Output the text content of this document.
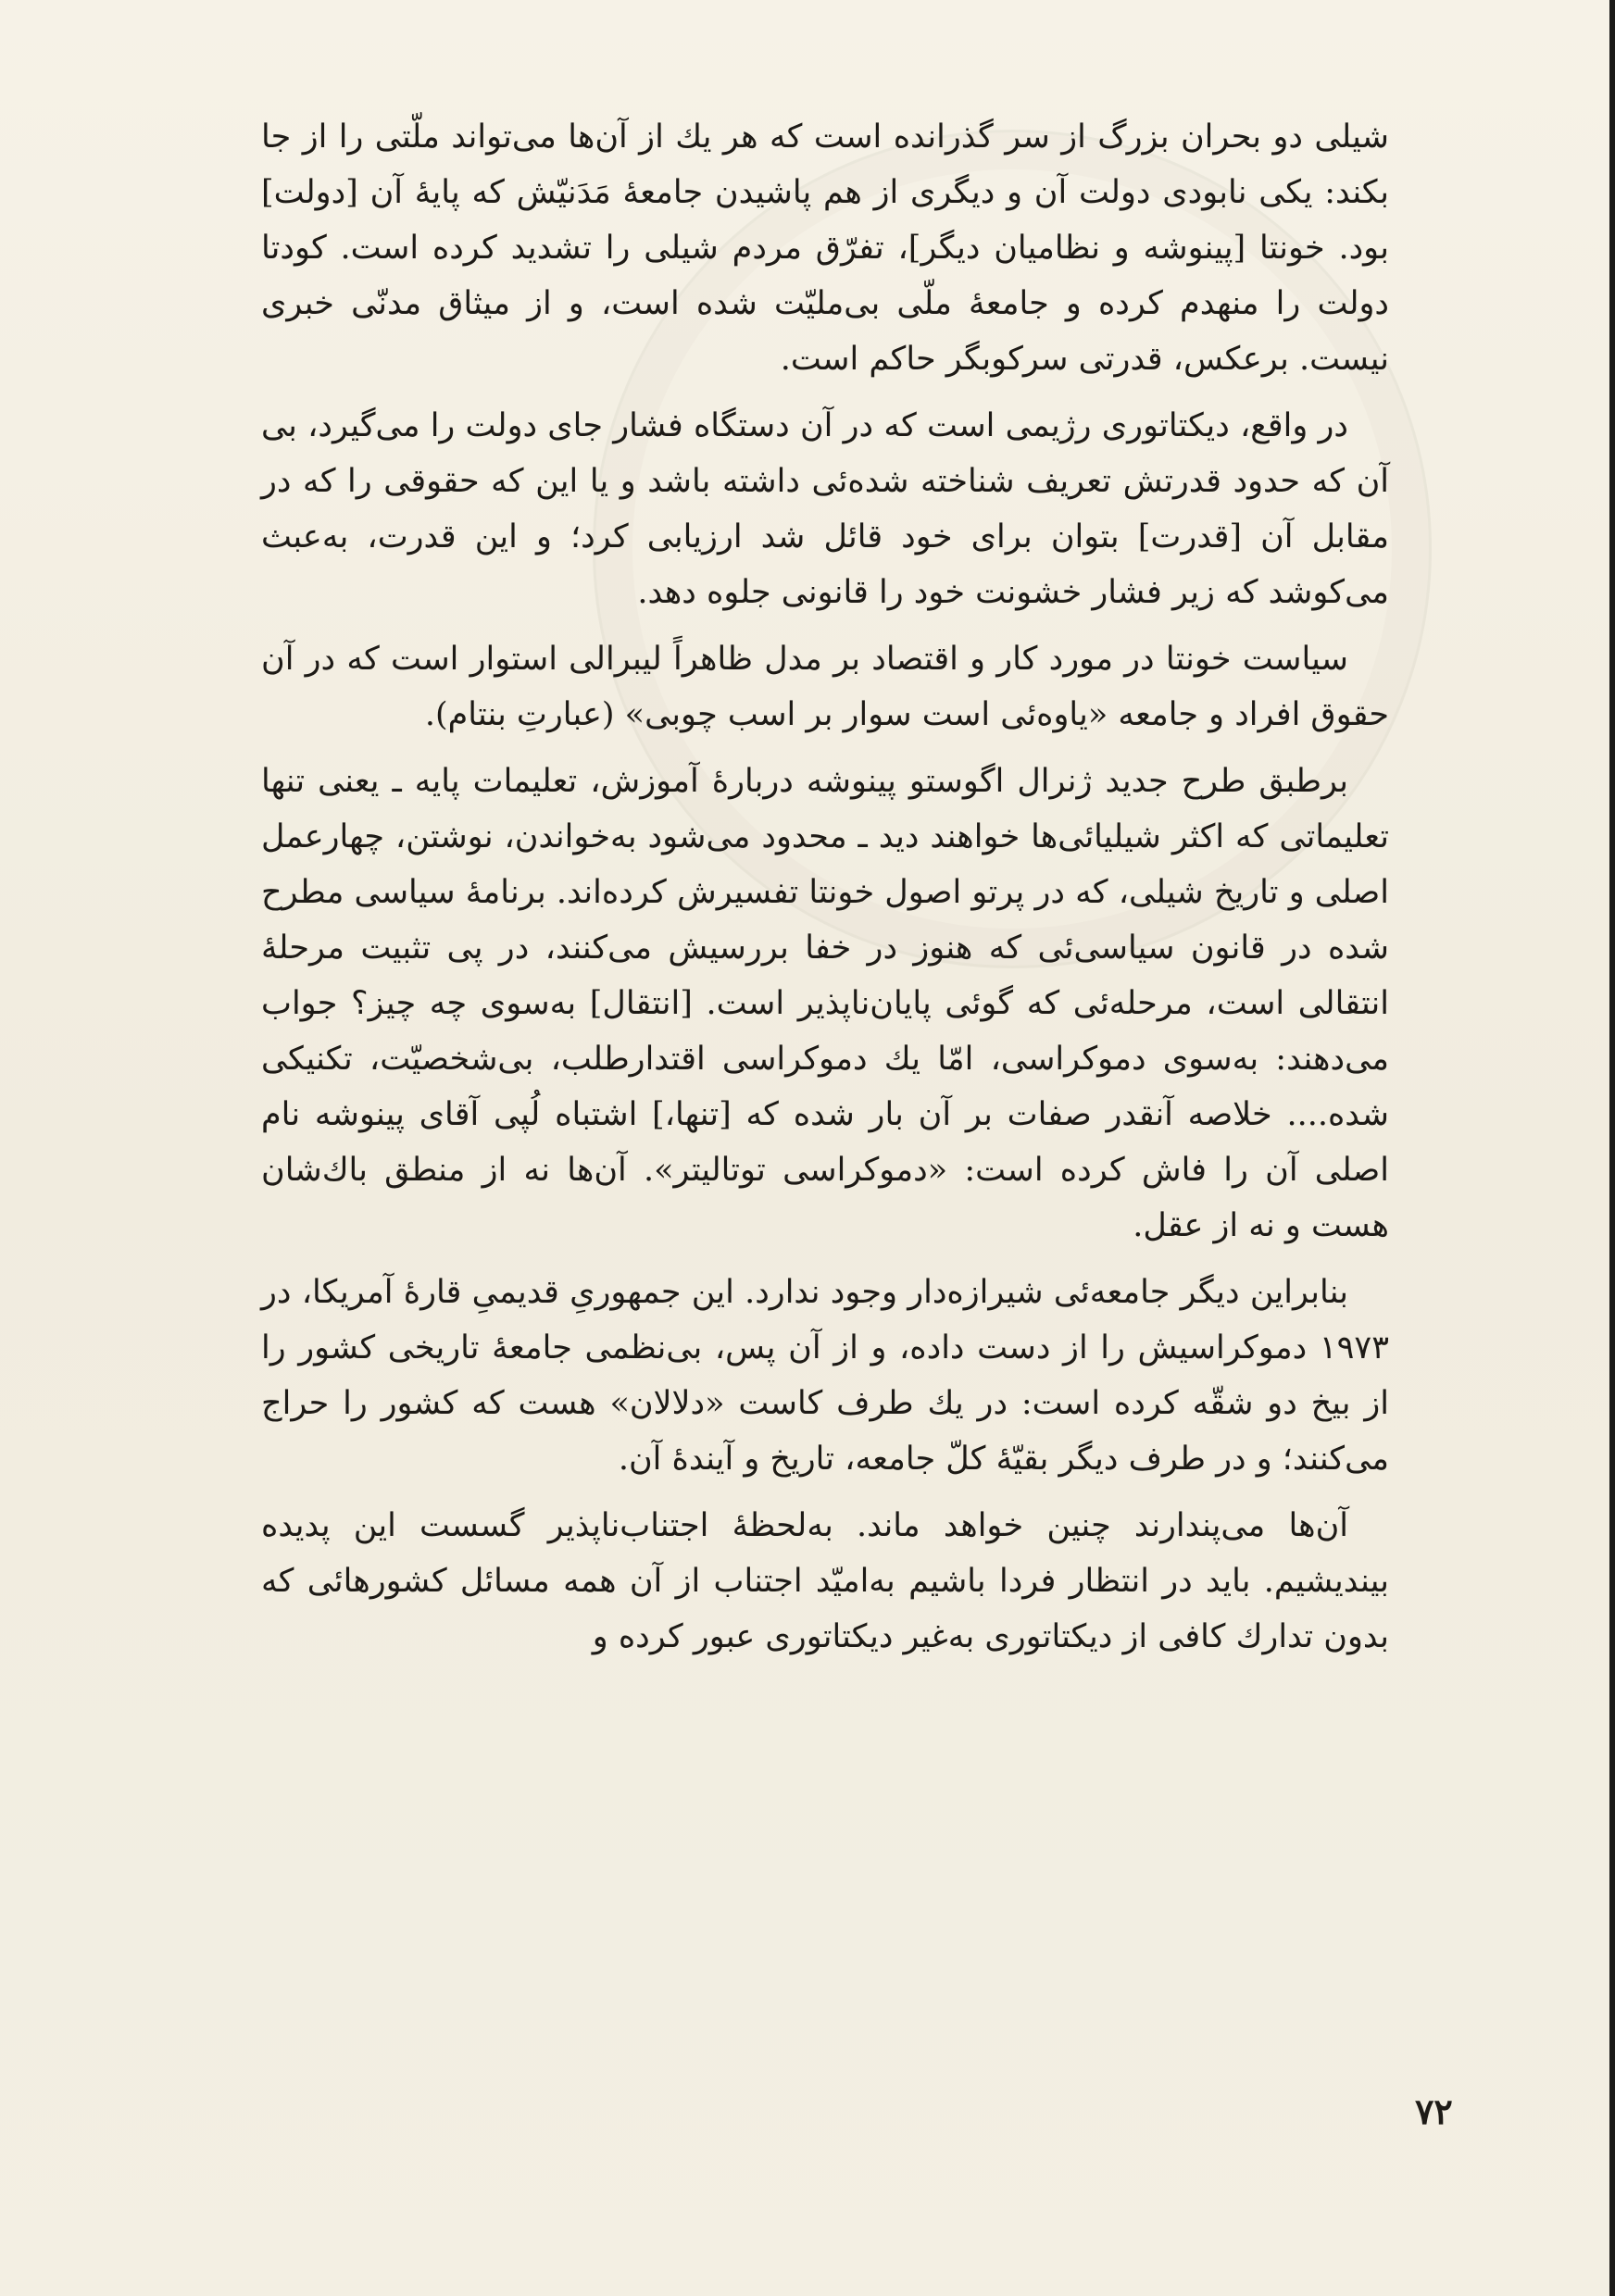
شیلی دو بحران بزرگ از سر گذرانده است که هر یك از آن‌ها می‌تواند ملّتی را از جا بکند: یکی نابودی دولت آن و دیگری از هم پاشیدن جامعهٔ مَدَنیّش که پایهٔ آن [دولت] بود. خونتا [پینوشه و نظامیان دیگر]، تفرّق مردم شیلی را تشدید کرده است. کودتا دولت را منهدم کرده و جامعهٔ ملّی بی‌ملیّت شده است، و از میثاق مدنّی خبری نیست. برعکس، قدرتی سرکوبگر حاکم است.

در واقع، دیکتاتوری رژیمی است که در آن دستگاه فشار جای دولت را می‌گیرد، بی آن که حدود قدرتش تعریف شناخته شده‌ئی داشته باشد و یا این که حقوقی را که در مقابل آن [قدرت] بتوان برای خود قائل شد ارزیابی کرد؛ و این قدرت، به‌عبث می‌کوشد که زیر فشار خشونت خود را قانونی جلوه دهد.

سیاست خونتا در مورد کار و اقتصاد بر مدل ظاهراً لیبرالی استوار است که در آن حقوق افراد و جامعه «یاوه‌ئی است سوار بر اسب چوبی» (عبارتِ بنتام).

برطبق طرح جدید ژنرال اگوستو پینوشه دربارهٔ آموزش، تعلیمات پایه ـ یعنی تنها تعلیماتی که اکثر شیلیائی‌ها خواهند دید ـ محدود می‌شود به‌خواندن، نوشتن، چهارعمل اصلی و تاریخ شیلی، که در پرتو اصول خونتا تفسیرش کرده‌اند. برنامهٔ سیاسی مطرح شده در قانون سیاسی‌ئی که هنوز در خفا بررسیش می‌کنند، در پی تثبیت مرحلهٔ انتقالی است، مرحله‌ئی که گوئی پایان‌ناپذیر است. [انتقال] به‌سوی چه چیز؟ جواب می‌دهند: به‌سوی دموکراسی، امّا یك دموکراسی اقتدارطلب، بی‌شخصیّت، تکنیکی شده.... خلاصه آنقدر صفات بر آن بار شده که [تنها،] اشتباه لُپی آقای پینوشه نام اصلی آن را فاش کرده است: «دموکراسی توتالیتر». آن‌ها نه از منطق باك‌شان هست و نه از عقل.

بنابراین دیگر جامعه‌ئی شیرازه‌دار وجود ندارد. این جمهوریِ قدیمیِ قارهٔ آمریکا، در ۱۹۷۳ دموکراسیش را از دست داده، و از آن پس، بی‌نظمی جامعهٔ تاریخی کشور را از بیخ دو شقّه کرده است: در یك طرف کاست «دلالان» هست که کشور را حراج می‌کنند؛ و در طرف دیگر بقیّهٔ کلّ جامعه، تاریخ و آیندهٔ آن.

آن‌ها می‌پندارند چنین خواهد ماند. به‌لحظهٔ اجتناب‌ناپذیر گسست این پدیده بیندیشیم. باید در انتظار فردا باشیم به‌امیّد اجتناب از آن همه مسائل کشورهائی که بدون تدارك کافی از دیکتاتوری به‌غیر دیکتاتوری عبور کرده و

۷۲
